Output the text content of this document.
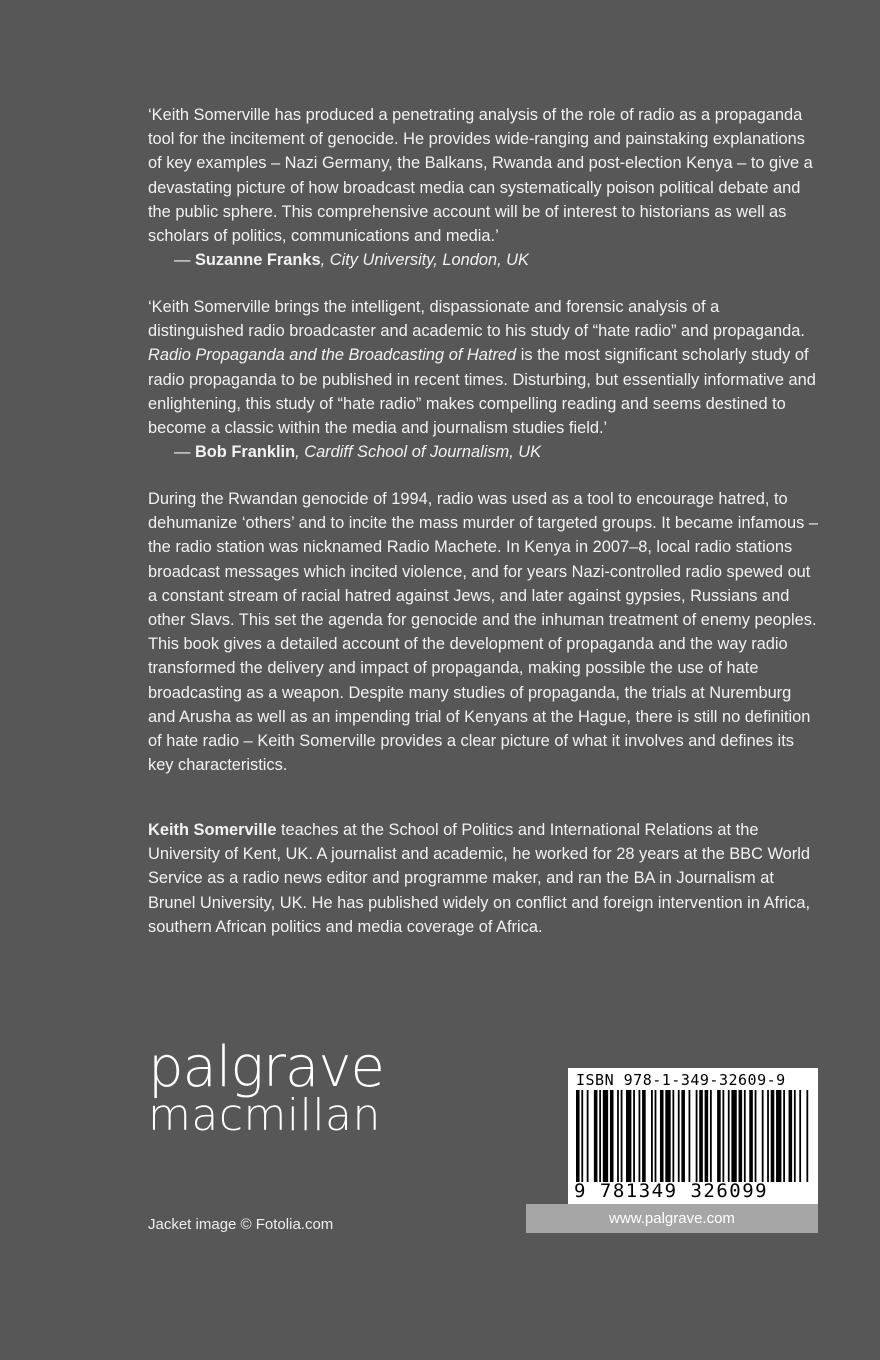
‘Keith Somerville has produced a penetrating analysis of the role of radio as a propaganda tool for the incitement of genocide. He provides wide-ranging and painstaking explanations of key examples – Nazi Germany, the Balkans, Rwanda and post-election Kenya – to give a devastating picture of how broadcast media can systematically poison political debate and the public sphere. This comprehensive account will be of interest to historians as well as scholars of politics, communications and media.’

— Suzanne Franks, City University, London, UK

‘Keith Somerville brings the intelligent, dispassionate and forensic analysis of a distinguished radio broadcaster and academic to his study of “hate radio” and propaganda. Radio Propaganda and the Broadcasting of Hatred is the most significant scholarly study of radio propaganda to be published in recent times. Disturbing, but essentially informative and enlightening, this study of “hate radio” makes compelling reading and seems destined to become a classic within the media and journalism studies field.’

— Bob Franklin, Cardiff School of Journalism, UK

During the Rwandan genocide of 1994, radio was used as a tool to encourage hatred, to dehumanize ‘others’ and to incite the mass murder of targeted groups. It became infamous – the radio station was nicknamed Radio Machete. In Kenya in 2007–8, local radio stations broadcast messages which incited violence, and for years Nazi-controlled radio spewed out a constant stream of racial hatred against Jews, and later against gypsies, Russians and other Slavs. This set the agenda for genocide and the inhuman treatment of enemy peoples. This book gives a detailed account of the development of propaganda and the way radio transformed the delivery and impact of propaganda, making possible the use of hate broadcasting as a weapon. Despite many studies of propaganda, the trials at Nuremburg and Arusha as well as an impending trial of Kenyans at the Hague, there is still no definition of hate radio – Keith Somerville provides a clear picture of what it involves and defines its key characteristics.

Keith Somerville teaches at the School of Politics and International Relations at the University of Kent, UK. A journalist and academic, he worked for 28 years at the BBC World Service as a radio news editor and programme maker, and ran the BA in Journalism at Brunel University, UK. He has published widely on conflict and foreign intervention in Africa, southern African politics and media coverage of Africa.

palgrave
macmillan
Jacket image © Fotolia.com
ISBN 978-1-349-32609-9
9 781349 326099
www.palgrave.com
